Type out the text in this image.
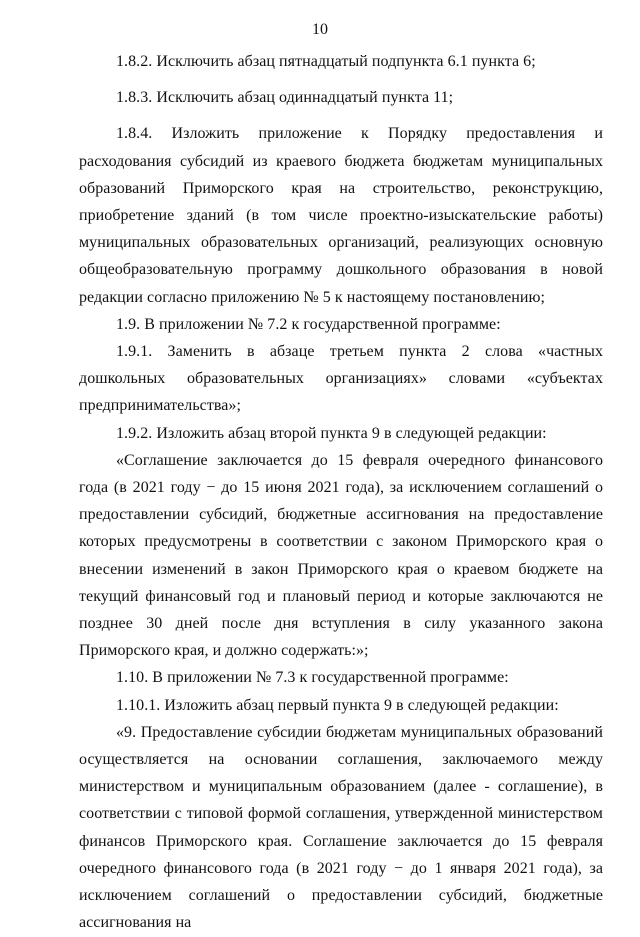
10

1.8.2. Исключить абзац пятнадцатый подпункта 6.1 пункта 6;

1.8.3. Исключить абзац одиннадцатый пункта 11;

1.8.4. Изложить приложение к Порядку предоставления и расходования субсидий из краевого бюджета бюджетам муниципальных образований Приморского края на строительство, реконструкцию, приобретение зданий (в том числе проектно-изыскательские работы) муниципальных образовательных организаций, реализующих основную общеобразовательную программу дошкольного образования в новой редакции согласно приложению № 5 к настоящему постановлению;

1.9. В приложении № 7.2 к государственной программе:

1.9.1. Заменить в абзаце третьем пункта 2 слова «частных дошкольных образовательных организациях» словами «субъектах предпринимательства»;

1.9.2. Изложить абзац второй пункта 9 в следующей редакции:

«Соглашение заключается до 15 февраля очередного финансового года (в 2021 году − до 15 июня 2021 года), за исключением соглашений о предоставлении субсидий, бюджетные ассигнования на предоставление которых предусмотрены в соответствии с законом Приморского края о внесении изменений в закон Приморского края о краевом бюджете на текущий финансовый год и плановый период и которые заключаются не позднее 30 дней после дня вступления в силу указанного закона Приморского края, и должно содержать:»;

1.10. В приложении № 7.3 к государственной программе:

1.10.1. Изложить абзац первый пункта 9 в следующей редакции:

«9. Предоставление субсидии бюджетам муниципальных образований осуществляется на основании соглашения, заключаемого между министерством и муниципальным образованием (далее - соглашение), в соответствии с типовой формой соглашения, утвержденной министерством финансов Приморского края. Соглашение заключается до 15 февраля очередного финансового года (в 2021 году − до 1 января 2021 года), за исключением соглашений о предоставлении субсидий, бюджетные ассигнования на
